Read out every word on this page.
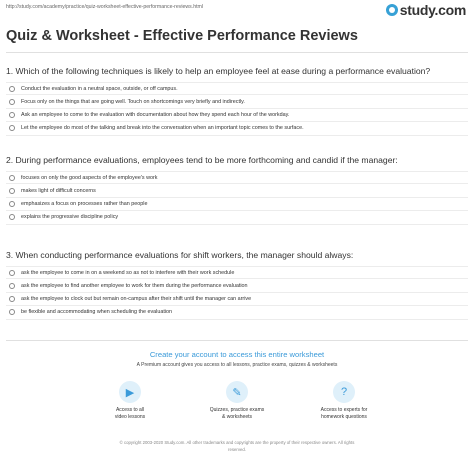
http://study.com/academy/practice/quiz-worksheet-effective-performance-reviews.html	study.com
Quiz & Worksheet - Effective Performance Reviews
1. Which of the following techniques is likely to help an employee feel at ease during a performance evaluation?
Conduct the evaluation in a neutral space, outside, or off campus.
Focus only on the things that are going well. Touch on shortcomings very briefly and indirectly.
Ask an employee to come to the evaluation with documentation about how they spend each hour of the workday.
Let the employee do most of the talking and break into the conversation when an important topic comes to the surface.
2. During performance evaluations, employees tend to be more forthcoming and candid if the manager:
focuses on only the good aspects of the employee's work
makes light of difficult concerns
emphasizes a focus on processes rather than people
explains the progressive discipline policy
3. When conducting performance evaluations for shift workers, the manager should always:
ask the employee to come in on a weekend so as not to interfere with their work schedule
ask the employee to find another employee to work for them during the performance evaluation
ask the employee to clock out but remain on-campus after their shift until the manager can arrive
be flexible and accommodating when scheduling the evaluation
Create your account to access this entire worksheet
A Premium account gives you access to all lessons, practice exams, quizzes & worksheets
▶
Access to all
video lessons
✎
Quizzes, practice exams
& worksheets
?
Access to experts for
homework questions
© copyright 2003-2020 Study.com. All other trademarks and copyrights are the property of their respective owners. All rights
reserved.
